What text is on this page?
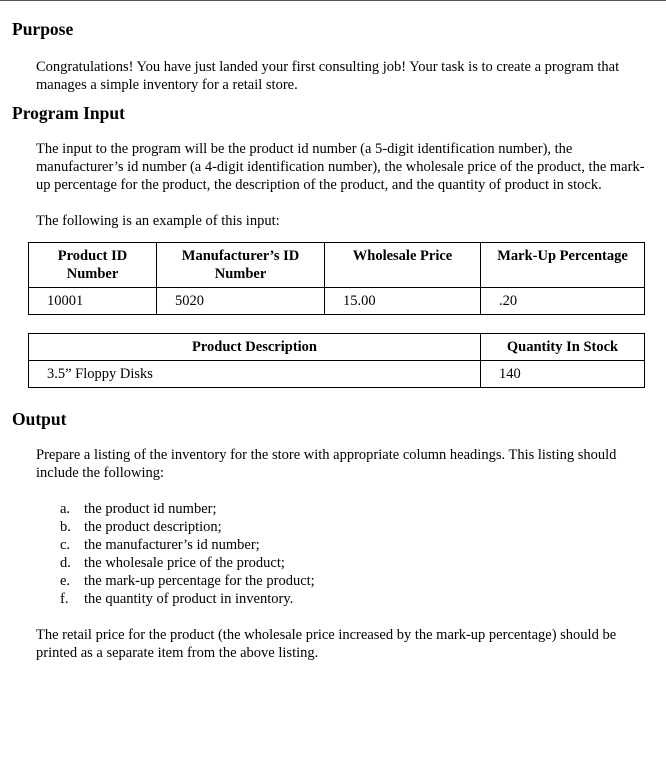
Purpose

Congratulations! You have just landed your first consulting job! Your task is to create a program that manages a simple inventory for a retail store.

Program Input

The input to the program will be the product id number (a 5-digit identification number), the manufacturer’s id number (a 4-digit identification number), the wholesale price of the product, the mark-up percentage for the product, the description of the product, and the quantity of product in stock.

The following is an example of this input:

Product ID Number	Manufacturer’s ID Number	Wholesale Price	Mark-Up Percentage
10001	5020	15.00	.20
Product Description	Quantity In Stock
3.5” Floppy Disks	140
Output

Prepare a listing of the inventory for the store with appropriate column headings. This listing should include the following:

a. the product id number;
b. the product description;
c. the manufacturer’s id number;
d. the wholesale price of the product;
e. the mark-up percentage for the product;
f.	the quantity of product in inventory.

The retail price for the product (the wholesale price increased by the mark-up percentage) should be printed as a separate item from the above listing.
